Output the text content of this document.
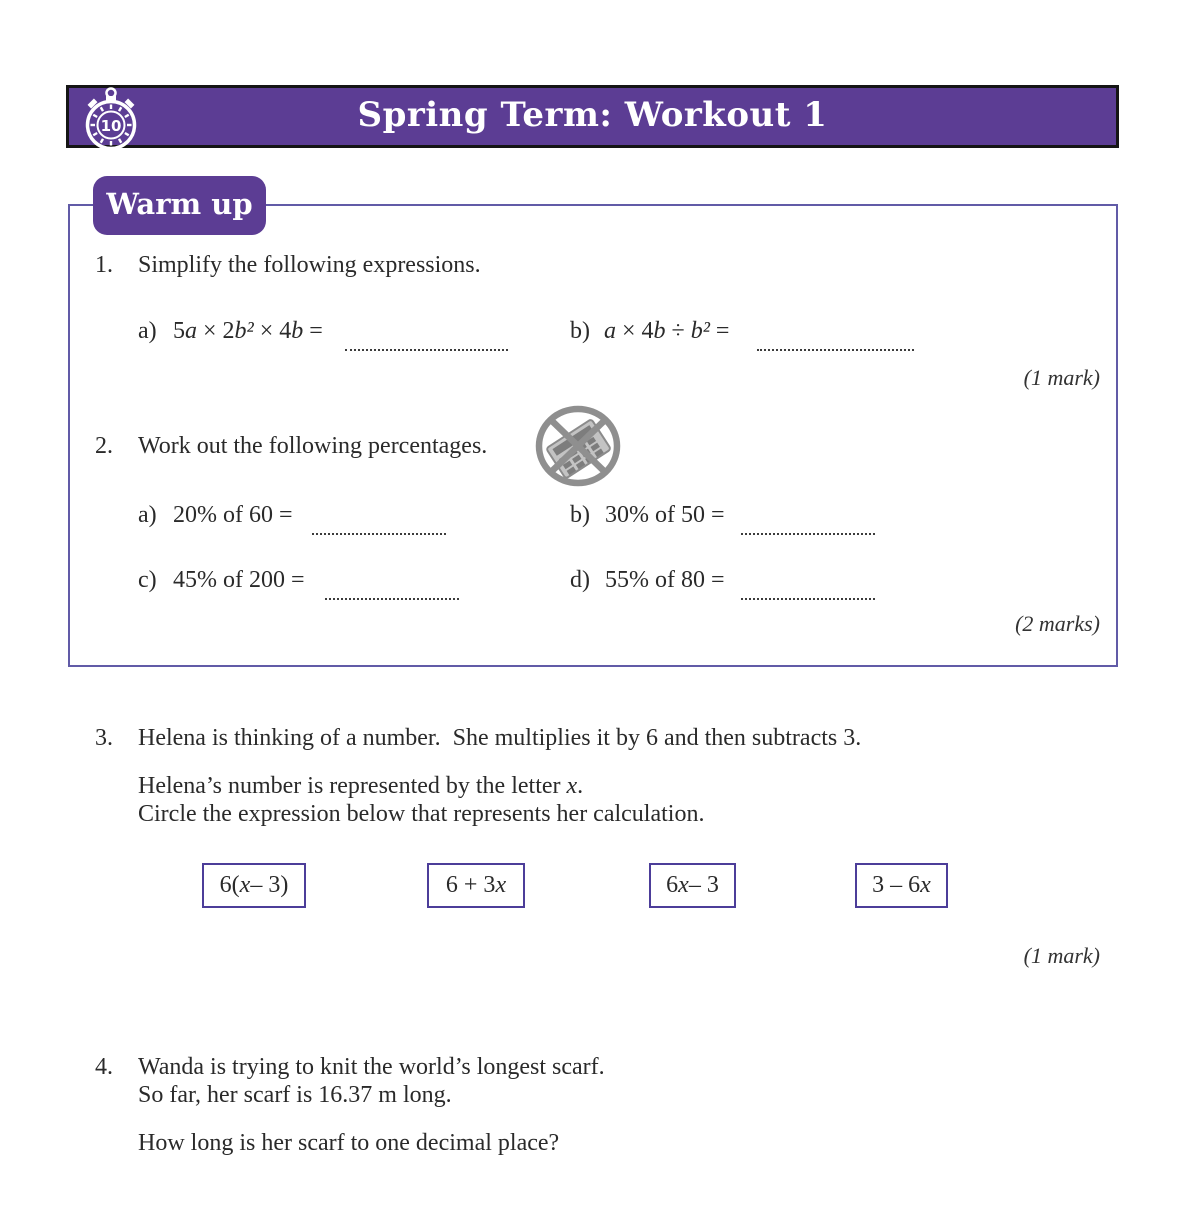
10	Spring Term: Workout 1
Warm up
1. Simplify the following expressions.
a) 5a × 2b² × 4b =	b) a × 4b ÷ b² =
(1 mark)
2. Work out the following percentages.
a) 20% of 60 =	b) 30% of 50 =
c) 45% of 200 =	d) 55% of 80 =
(2 marks)
3. Helena is thinking of a number.  She multiplies it by 6 and then subtracts 3.
Helena’s number is represented by the letter x.
Circle the expression below that represents her calculation.
6( x – 3)	6 + 3 x	6 x – 3	3 – 6 x
(1 mark)
4. Wanda is trying to knit the world’s longest scarf.
So far, her scarf is 16.37 m long.
How long is her scarf to one decimal place?
